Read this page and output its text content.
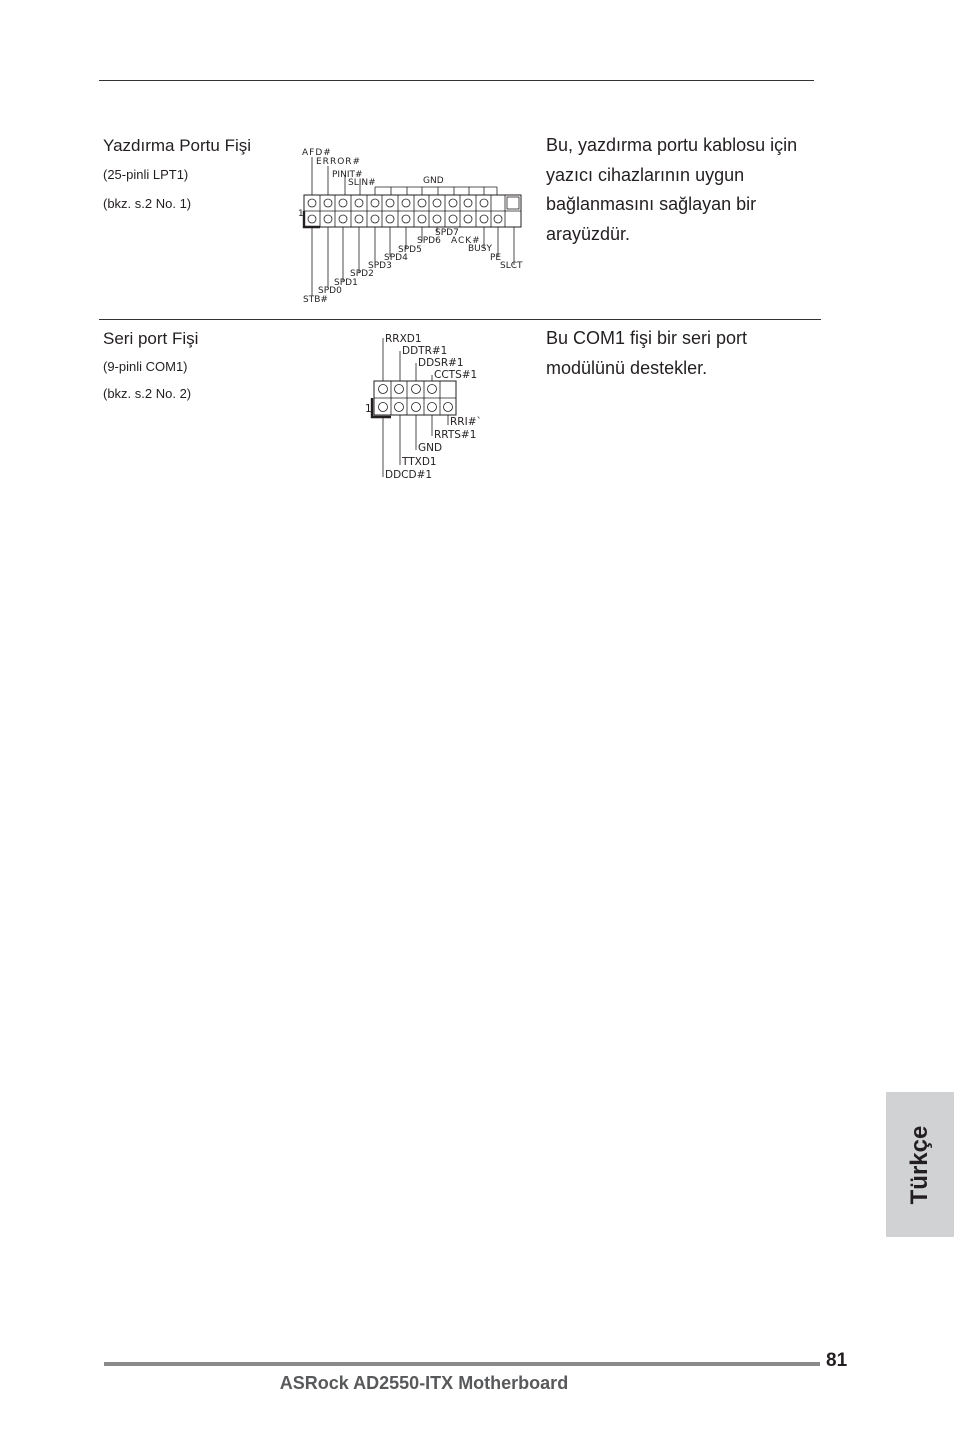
Yazdırma Portu Fişi
(25-pinli LPT1)
(bkz. s.2 No. 1)
1
AFD#
ERROR#
PINIT#
SLIN#	GND
SPD7
SPD6 ACK#
SPD5	BUSY
SPD4	PE
SPD3	SLCT
SPD2
SPD1
SPD0
STB#
Bu, yazdırma portu kablosu için
yazıcı cihazlarının uygun
bağlanmasını sağlayan bir
arayüzdür.
Seri port Fişi
(9-pinli COM1)
(bkz. s.2 No. 2)
1
RRXD1
DDTR#1
DDSR#1
CCTS#1
RRI#`
RRTS#1
GND
TTXD1
DDCD#1
Bu COM1 fişi bir seri port
modülünü destekler.
Türkçe
81
ASRock AD2550-ITX Motherboard
